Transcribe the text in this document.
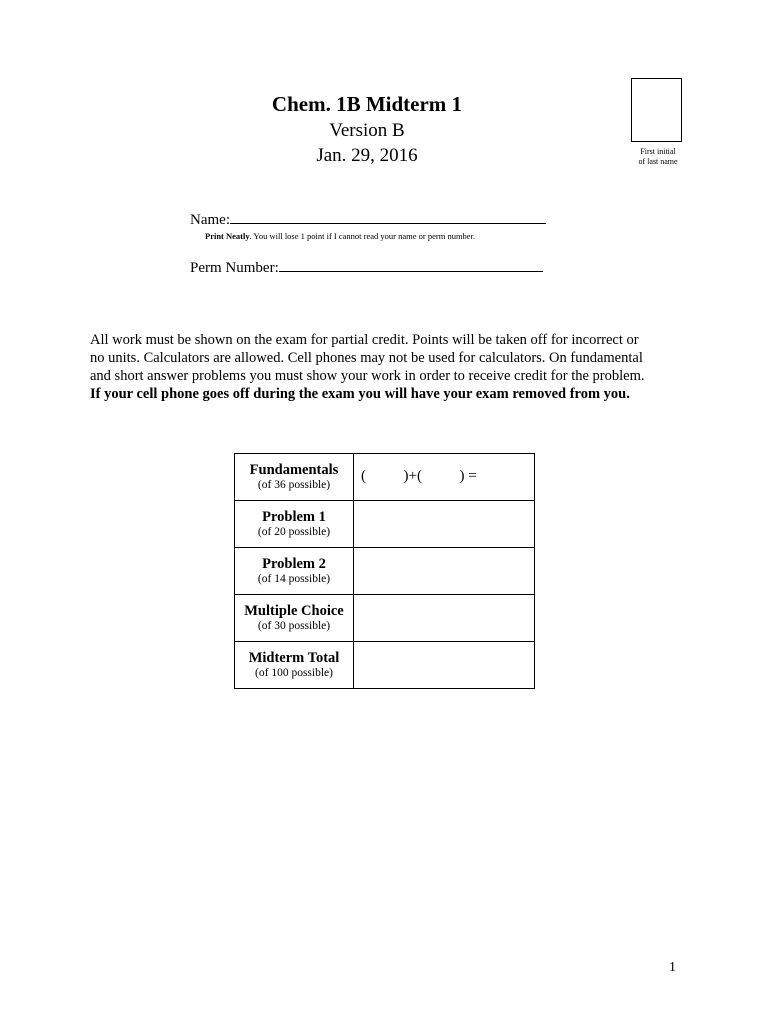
Chem. 1B Midterm 1
Version B
Jan. 29, 2016	First initial
of last name
Name:
Print Neatly. You will lose 1 point if I cannot read your name or perm number.
Perm Number:
All work must be shown on the exam for partial credit. Points will be taken off for incorrect or no units. Calculators are allowed. Cell phones may not be used for calculators. On fundamental and short answer problems you must show your work in order to receive credit for the problem. If your cell phone goes off during the exam you will have your exam removed from you.
Fundamentals
(of 36 possible)	(          )+(          ) =

Problem 1
(of 20 possible)	

Problem 2
(of 14 possible)	

Multiple Choice
(of 30 possible)	

Midterm Total
(of 100 possible)	

1
